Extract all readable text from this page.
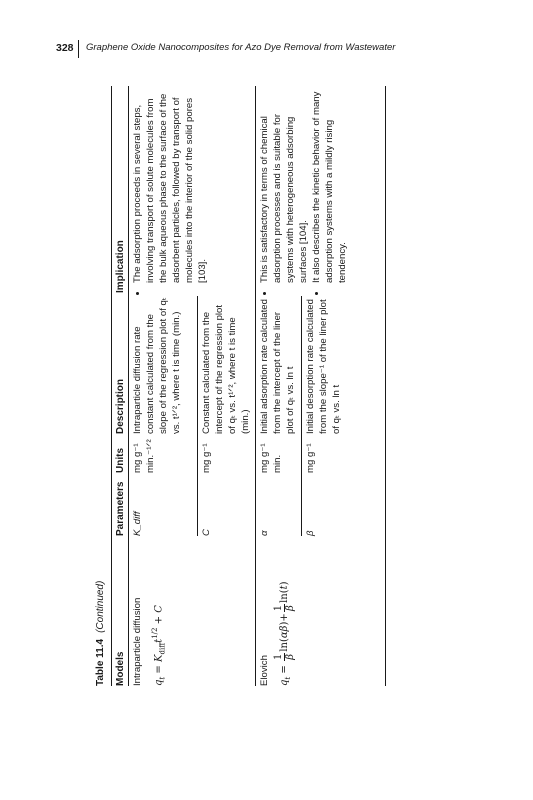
328 Graphene Oxide Nanocomposites for Azo Dye Removal from Wastewater
Table 11.4(Continued)
Models
Parameters
Units
Description
Implication
Intraparticle diffusion	$q_t = K_{diff}t^{1/2} + C$
K_diff
mg g⁻¹ min.⁻¹ᐟ²
Intraparticle diffusion rate constant calculated from the slope of the regression plot of qₜ vs. t¹ᐟ², where t is time (min.)
• The adsorption proceeds in several steps, involving transport of solute molecules from the bulk aqueous phase to the surface of the adsorbent particles, followed by transport of molecules into the interior of the solid pores [103].
C
mg g⁻¹
Constant calculated from the intercept of the regression plot of qₜ vs. t¹ᐟ², where t is time (min.)
Elovich $q_t$ =
1 β
ln(αβ)+
1 β
ln(t)
α
mg g⁻¹ min.
Initial adsorption rate calculated from the intercept of the liner plot of qₜ vs. ln t
• This is satisfactory in terms of chemical adsorption processes and is suitable for systems with heterogeneous adsorbing surfaces [104].
• It also describes the kinetic behavior of many adsorption systems with a mildly rising tendency.
β
mg g⁻¹
Initial desorption rate calculated from the slope⁻¹ of the liner plot of qₜ vs. ln t
